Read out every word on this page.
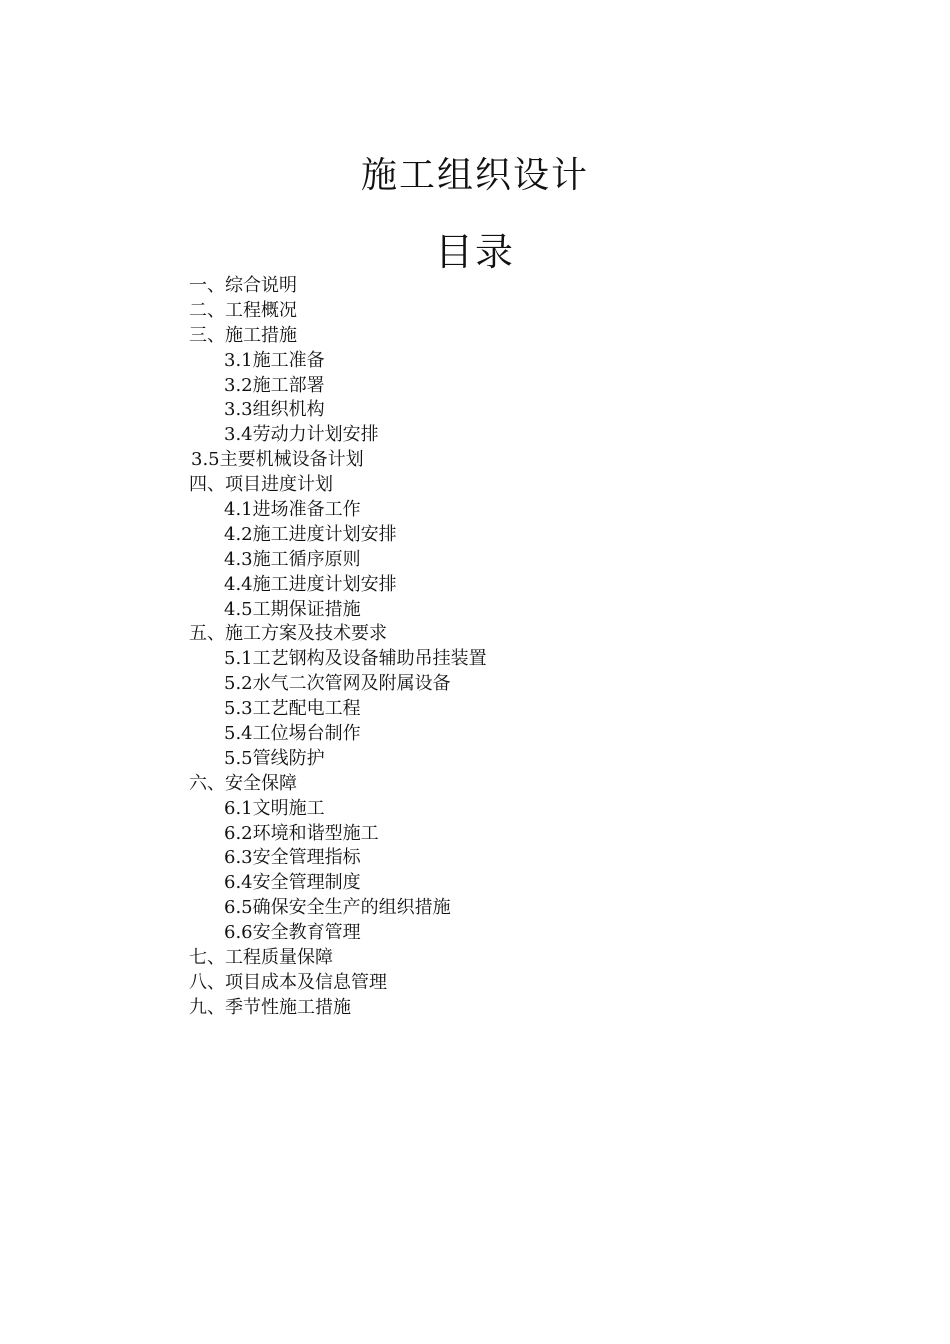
施工组织设计
目录
一、综合说明
二、工程概况
三、施工措施
3.1施工准备
3.2施工部署
3.3组织机构
3.4劳动力计划安排
3.5主要机械设备计划
四、项目进度计划
4.1进场准备工作
4.2施工进度计划安排
4.3施工循序原则
4.4施工进度计划安排
4.5工期保证措施
五、施工方案及技术要求
5.1工艺钢构及设备辅助吊挂装置
5.2水气二次管网及附属设备
5.3工艺配电工程
5.4工位埸台制作
5.5管线防护
六、安全保障
6.1文明施工
6.2环境和谐型施工
6.3安全管理指标
6.4安全管理制度
6.5确保安全生产的组织措施
6.6安全教育管理
七、工程质量保障
八、项目成本及信息管理
九、季节性施工措施
